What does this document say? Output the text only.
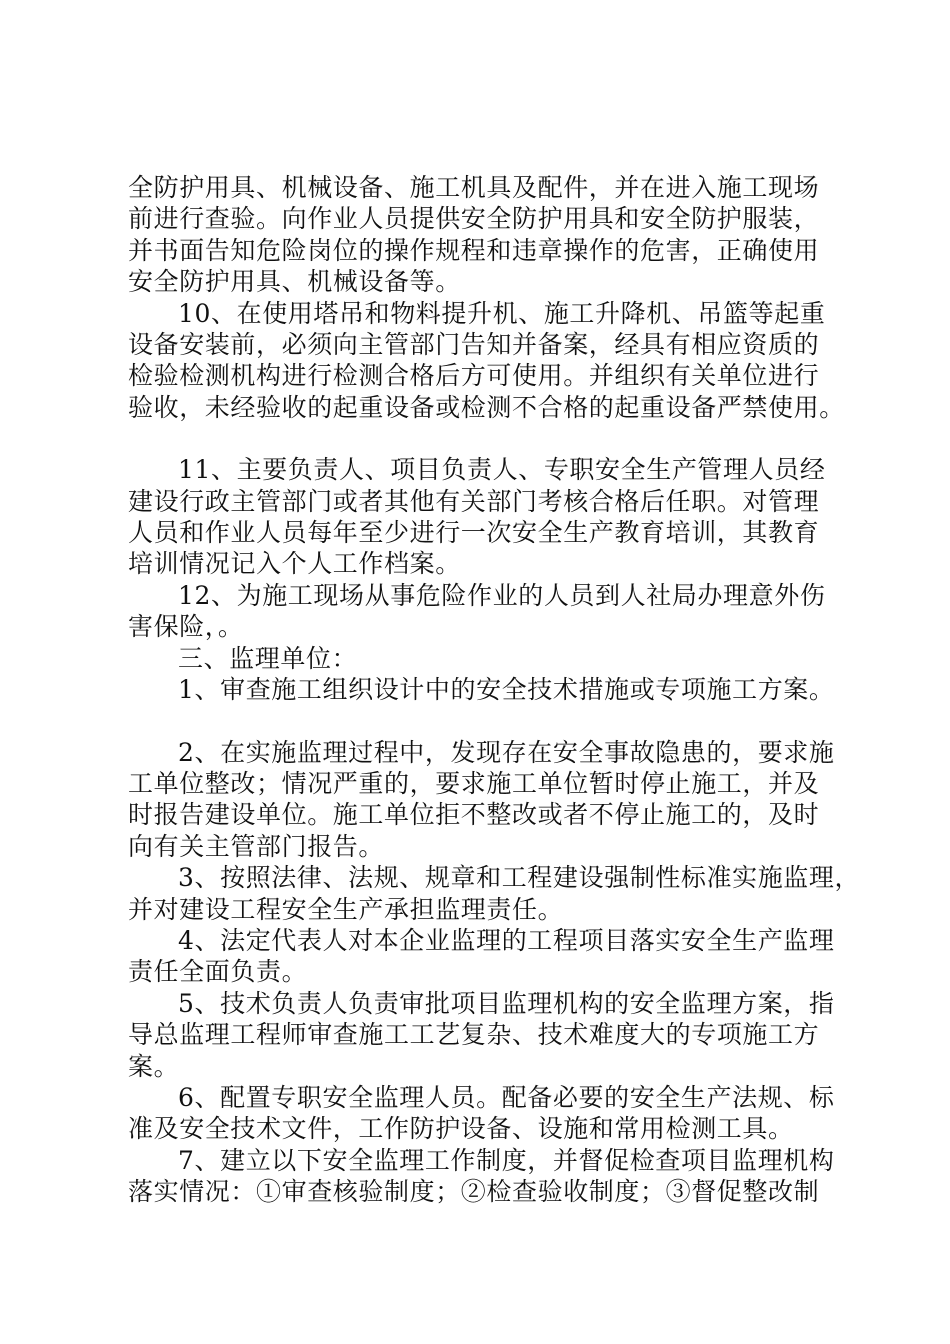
全防护用具、机械设备、施工机具及配件，并在进入施工现场

前进行查验。向作业人员提供安全防护用具和安全防护服装，

并书面告知危险岗位的操作规程和违章操作的危害，正确使用

安全防护用具、机械设备等。

10、在使用塔吊和物料提升机、施工升降机、吊篮等起重

设备安装前，必须向主管部门告知并备案，经具有相应资质的

检验检测机构进行检测合格后方可使用。并组织有关单位进行

验收，未经验收的起重设备或检测不合格的起重设备严禁使用。

11、主要负责人、项目负责人、专职安全生产管理人员经

建设行政主管部门或者其他有关部门考核合格后任职。对管理

人员和作业人员每年至少进行一次安全生产教育培训，其教育

培训情况记入个人工作档案。

12、为施工现场从事危险作业的人员到人社局办理意外伤

害保险，。

三、监理单位：

1、审查施工组织设计中的安全技术措施或专项施工方案。

2、在实施监理过程中，发现存在安全事故隐患的，要求施

工单位整改；情况严重的，要求施工单位暂时停止施工，并及

时报告建设单位。施工单位拒不整改或者不停止施工的，及时

向有关主管部门报告。

3、按照法律、法规、规章和工程建设强制性标准实施监理，

并对建设工程安全生产承担监理责任。

4、法定代表人对本企业监理的工程项目落实安全生产监理

责任全面负责。

5、技术负责人负责审批项目监理机构的安全监理方案，指

导总监理工程师审查施工工艺复杂、技术难度大的专项施工方

案。

6、配置专职安全监理人员。配备必要的安全生产法规、标

准及安全技术文件，工作防护设备、设施和常用检测工具。

7、建立以下安全监理工作制度，并督促检查项目监理机构

落实情况：①审查核验制度；②检查验收制度；③督促整改制
